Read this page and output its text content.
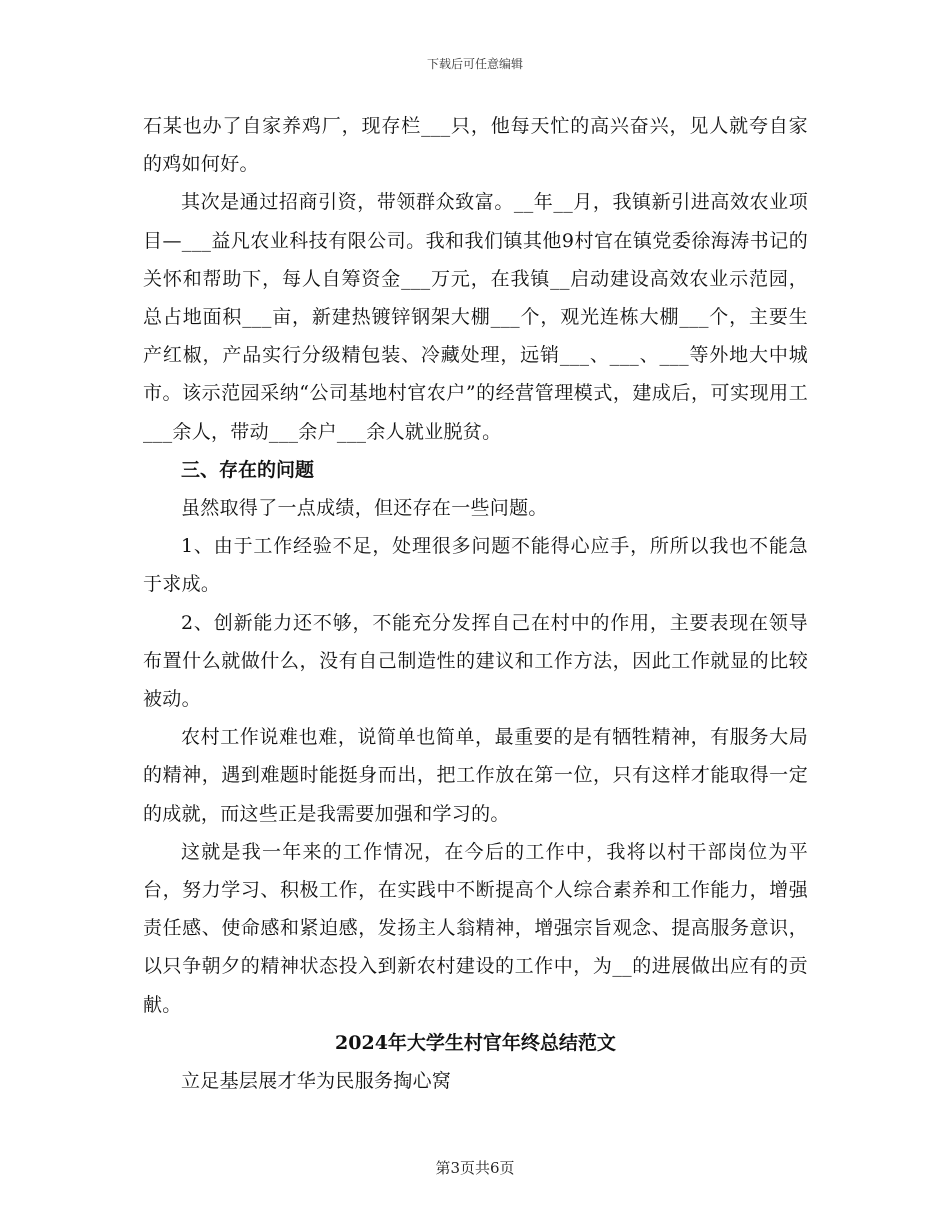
下载后可任意编辑

石某也办了自家养鸡厂，现存栏___只，他每天忙的高兴奋兴，见人就夸自家的鸡如何好。

其次是通过招商引资，带领群众致富。__年__月，我镇新引进高效农业项目—___益凡农业科技有限公司。我和我们镇其他9村官在镇党委徐海涛书记的关怀和帮助下，每人自筹资金___万元，在我镇__启动建设高效农业示范园，总占地面积___亩，新建热镀锌钢架大棚___个，观光连栋大棚___个，主要生产红椒，产品实行分级精包装、冷藏处理，远销___、___、___等外地大中城市。该示范园采纳“公司基地村官农户”的经营管理模式，建成后，可实现用工___余人，带动___余户___余人就业脱贫。

三、存在的问题

虽然取得了一点成绩，但还存在一些问题。

1、由于工作经验不足，处理很多问题不能得心应手，所所以我也不能急于求成。

2、创新能力还不够，不能充分发挥自己在村中的作用，主要表现在领导布置什么就做什么，没有自己制造性的建议和工作方法，因此工作就显的比较被动。

农村工作说难也难，说简单也简单，最重要的是有牺牲精神，有服务大局的精神，遇到难题时能挺身而出，把工作放在第一位，只有这样才能取得一定的成就，而这些正是我需要加强和学习的。

这就是我一年来的工作情况，在今后的工作中，我将以村干部岗位为平台，努力学习、积极工作，在实践中不断提高个人综合素养和工作能力，增强责任感、使命感和紧迫感，发扬主人翁精神，增强宗旨观念、提高服务意识，以只争朝夕的精神状态投入到新农村建设的工作中，为__的进展做出应有的贡献。

2024年大学生村官年终总结范文

立足基层展才华为民服务掏心窝

第3页共6页
